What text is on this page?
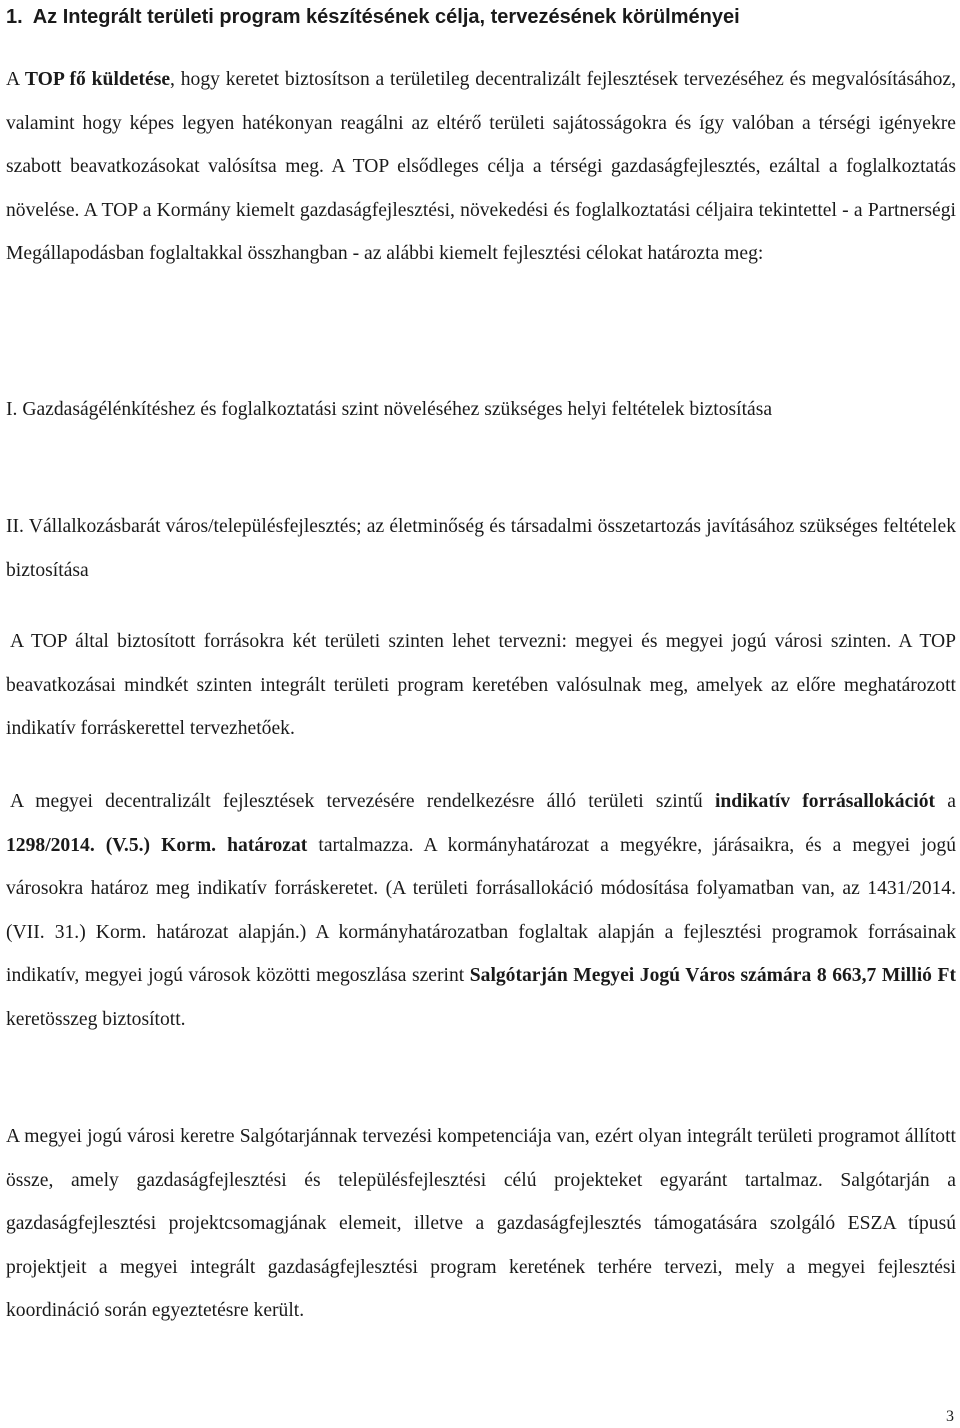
1. Az Integrált területi program készítésének célja, tervezésének körülményei

A TOP fő küldetése, hogy keretet biztosítson a területileg decentralizált fejlesztések tervezéséhez és megvalósításához, valamint hogy képes legyen hatékonyan reagálni az eltérő területi sajátosságokra és így valóban a térségi igényekre szabott beavatkozásokat valósítsa meg. A TOP elsődleges célja a térségi gazdaságfejlesztés, ezáltal a foglalkoztatás növelése. A TOP a Kormány kiemelt gazdaságfejlesztési, növekedési és foglalkoztatási céljaira tekintettel - a Partnerségi Megállapodásban foglaltakkal összhangban - az alábbi kiemelt fejlesztési célokat határozta meg:

I. Gazdaságélénkítéshez és foglalkoztatási szint növeléséhez szükséges helyi feltételek biztosítása

II. Vállalkozásbarát város/településfejlesztés; az életminőség és társadalmi összetartozás javításához szükséges feltételek biztosítása

A TOP által biztosított forrásokra két területi szinten lehet tervezni: megyei és megyei jogú városi szinten. A TOP beavatkozásai mindkét szinten integrált területi program keretében valósulnak meg, amelyek az előre meghatározott indikatív forráskerettel tervezhetőek.

A megyei decentralizált fejlesztések tervezésére rendelkezésre álló területi szintű indikatív forrásallokációt a 1298/2014. (V.5.) Korm. határozat tartalmazza. A kormányhatározat a megyékre, járásaikra, és a megyei jogú városokra határoz meg indikatív forráskeretet. (A területi forrásallokáció módosítása folyamatban van, az 1431/2014. (VII. 31.) Korm. határozat alapján.) A kormányhatározatban foglaltak alapján a fejlesztési programok forrásainak indikatív, megyei jogú városok közötti megoszlása szerint Salgótarján Megyei Jogú Város számára 8 663,7 Millió Ft keretösszeg biztosított.

A megyei jogú városi keretre Salgótarjánnak tervezési kompetenciája van, ezért olyan integrált területi programot állított össze, amely gazdaságfejlesztési és településfejlesztési célú projekteket egyaránt tartalmaz. Salgótarján a gazdaságfejlesztési projektcsomagjának elemeit, illetve a gazdaságfejlesztés támogatására szolgáló ESZA típusú projektjeit a megyei integrált gazdaságfejlesztési program keretének terhére tervezi, mely a megyei fejlesztési koordináció során egyeztetésre került.

3
